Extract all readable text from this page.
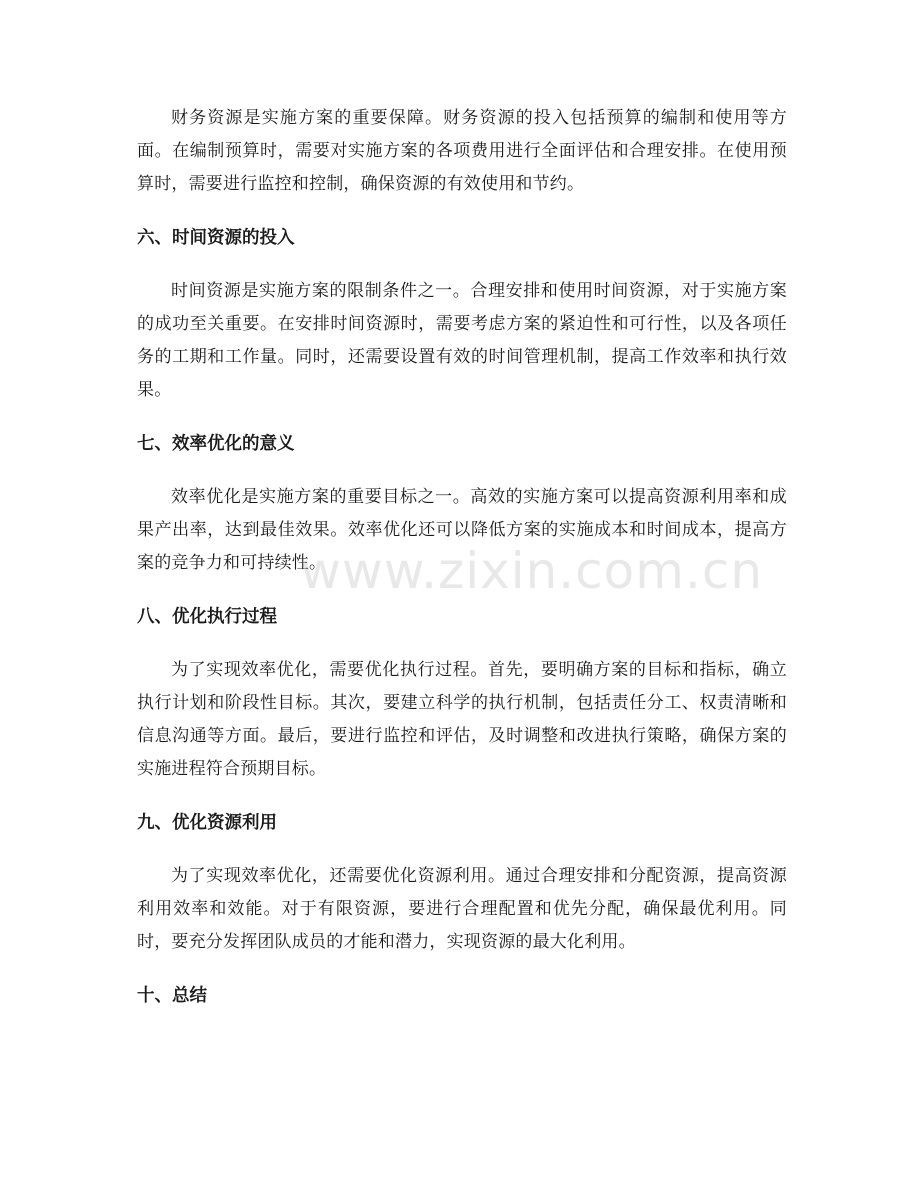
财务资源是实施方案的重要保障。财务资源的投入包括预算的编制和使用等方面。在编制预算时，需要对实施方案的各项费用进行全面评估和合理安排。在使用预算时，需要进行监控和控制，确保资源的有效使用和节约。

六、时间资源的投入

时间资源是实施方案的限制条件之一。合理安排和使用时间资源，对于实施方案的成功至关重要。在安排时间资源时，需要考虑方案的紧迫性和可行性，以及各项任务的工期和工作量。同时，还需要设置有效的时间管理机制，提高工作效率和执行效果。

七、效率优化的意义

效率优化是实施方案的重要目标之一。高效的实施方案可以提高资源利用率和成果产出率，达到最佳效果。效率优化还可以降低方案的实施成本和时间成本，提高方案的竞争力和可持续性。

八、优化执行过程

为了实现效率优化，需要优化执行过程。首先，要明确方案的目标和指标，确立执行计划和阶段性目标。其次，要建立科学的执行机制，包括责任分工、权责清晰和信息沟通等方面。最后，要进行监控和评估，及时调整和改进执行策略，确保方案的实施进程符合预期目标。

九、优化资源利用

为了实现效率优化，还需要优化资源利用。通过合理安排和分配资源，提高资源利用效率和效能。对于有限资源，要进行合理配置和优先分配，确保最优利用。同时，要充分发挥团队成员的才能和潜力，实现资源的最大化利用。

十、总结
www.zixin.com.cn
